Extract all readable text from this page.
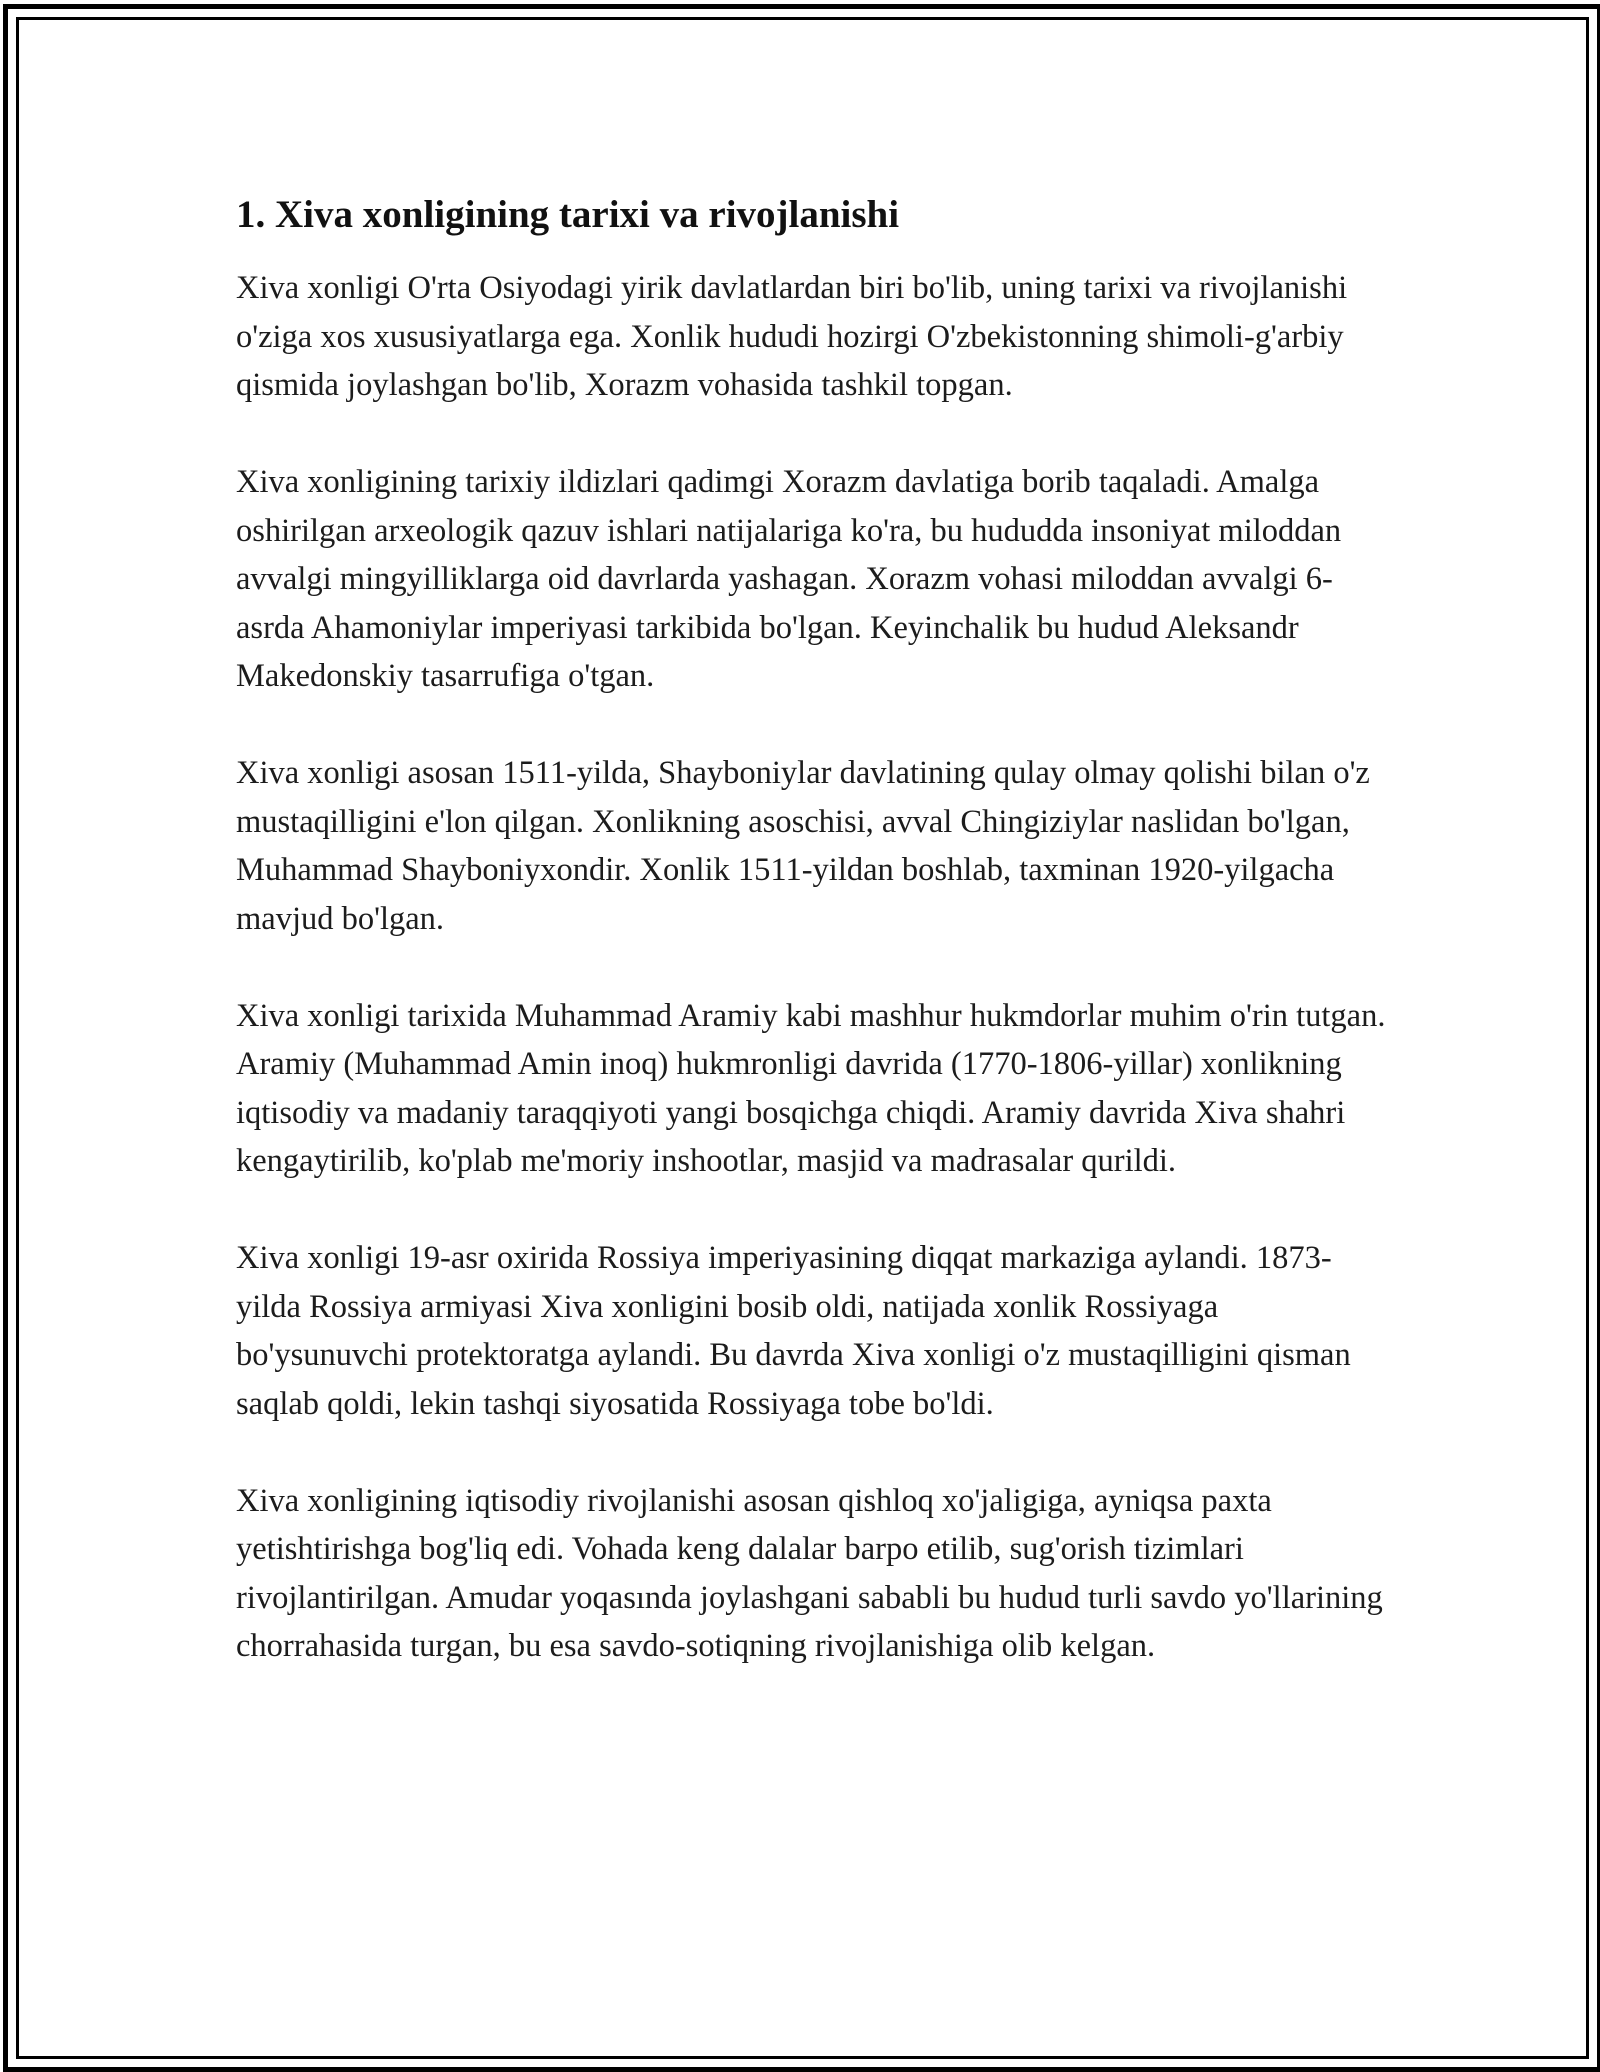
1. Xiva xonligining tarixi va rivojlanishi

Xiva xonligi O'rta Osiyodagi yirik davlatlardan biri bo'lib, uning tarixi va rivojlanishi o'ziga xos xususiyatlarga ega. Xonlik hududi hozirgi O'zbekistonning shimoli-g'arbiy qismida joylashgan bo'lib, Xorazm vohasida tashkil topgan.

Xiva xonligining tarixiy ildizlari qadimgi Xorazm davlatiga borib taqaladi. Amalga oshirilgan arxeologik qazuv ishlari natijalariga ko'ra, bu hududda insoniyat miloddan avvalgi mingyilliklarga oid davrlarda yashagan. Xorazm vohasi miloddan avvalgi 6-asrda Ahamoniylar imperiyasi tarkibida bo'lgan. Keyinchalik bu hudud Aleksandr Makedonskiy tasarrufiga o'tgan.

Xiva xonligi asosan 1511-yilda, Shayboniylar davlatining qulay olmay qolishi bilan o'z mustaqilligini e'lon qilgan. Xonlikning asoschisi, avval Chingiziylar naslidan bo'lgan, Muhammad Shayboniyxondir. Xonlik 1511-yildan boshlab, taxminan 1920-yilgacha mavjud bo'lgan.

Xiva xonligi tarixida Muhammad Aramiy kabi mashhur hukmdorlar muhim o'rin tutgan. Aramiy (Muhammad Amin inoq) hukmronligi davrida (1770-1806-yillar) xonlikning iqtisodiy va madaniy taraqqiyoti yangi bosqichga chiqdi. Aramiy davrida Xiva shahri kengaytirilib, ko'plab me'moriy inshootlar, masjid va madrasalar qurildi.

Xiva xonligi 19-asr oxirida Rossiya imperiyasining diqqat markaziga aylandi. 1873-yilda Rossiya armiyasi Xiva xonligini bosib oldi, natijada xonlik Rossiyaga bo'ysunuvchi protektoratga aylandi. Bu davrda Xiva xonligi o'z mustaqilligini qisman saqlab qoldi, lekin tashqi siyosatida Rossiyaga tobe bo'ldi.

Xiva xonligining iqtisodiy rivojlanishi asosan qishloq xo'jaligiga, ayniqsa paxta yetishtirishga bog'liq edi. Vohada keng dalalar barpo etilib, sug'orish tizimlari rivojlantirilgan. Amudar yoqasında joylashgani sababli bu hudud turli savdo yo'llarining chorrahasida turgan, bu esa savdo-sotiqning rivojlanishiga olib kelgan.
